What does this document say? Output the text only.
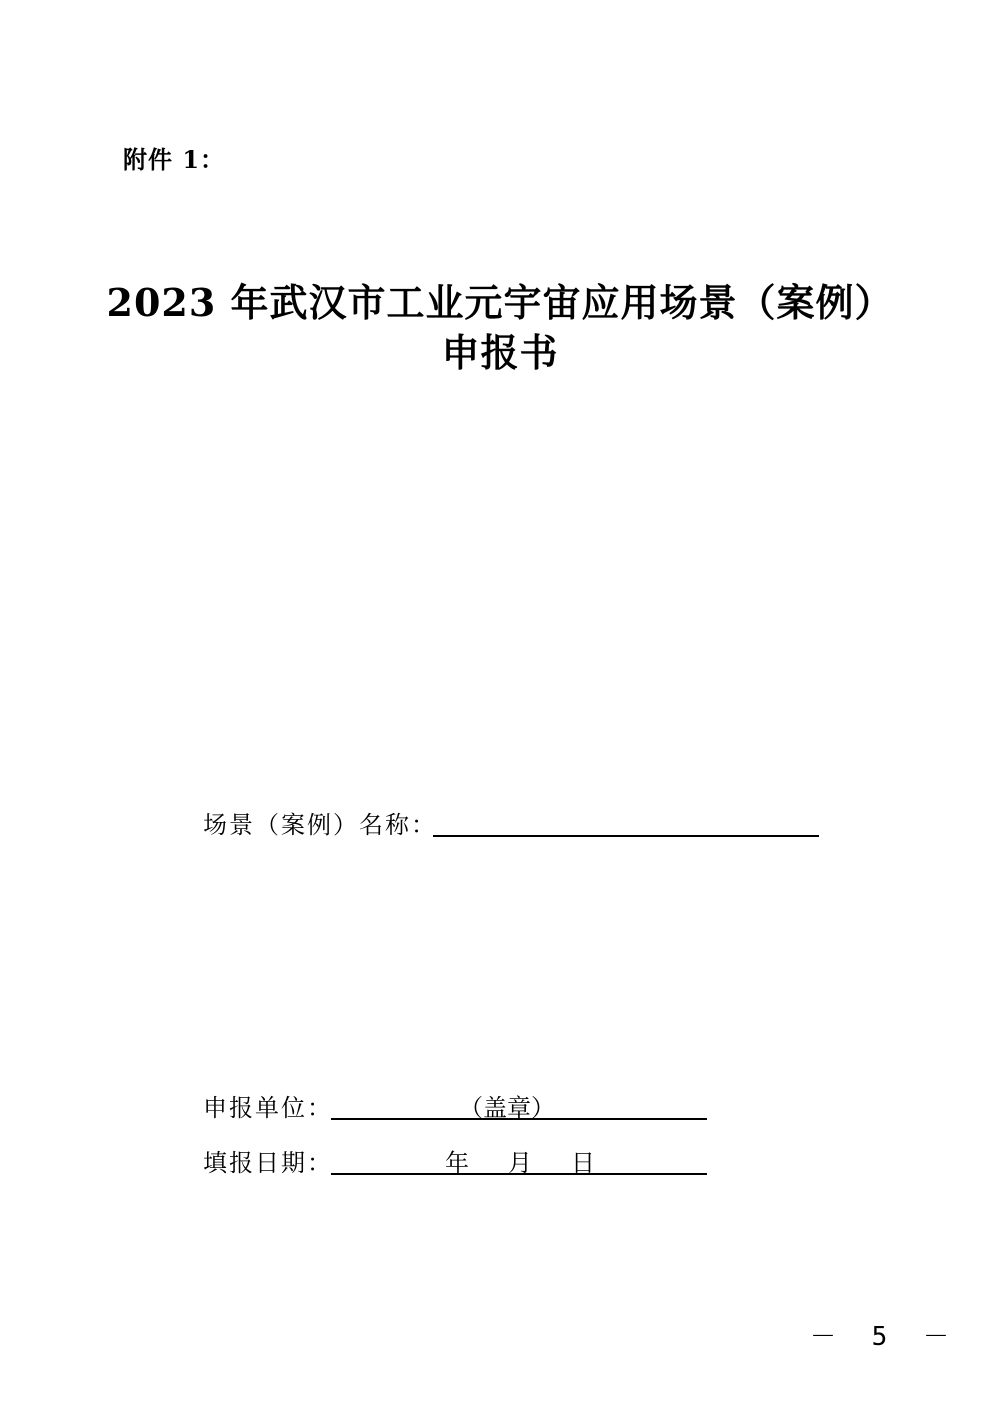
附件 1：
2023 年武汉市工业元宇宙应用场景（案例）
申报书
场景（案例）名称：
申报单位：	（盖章）
填报日期：	年 月 日
－ 5 －
